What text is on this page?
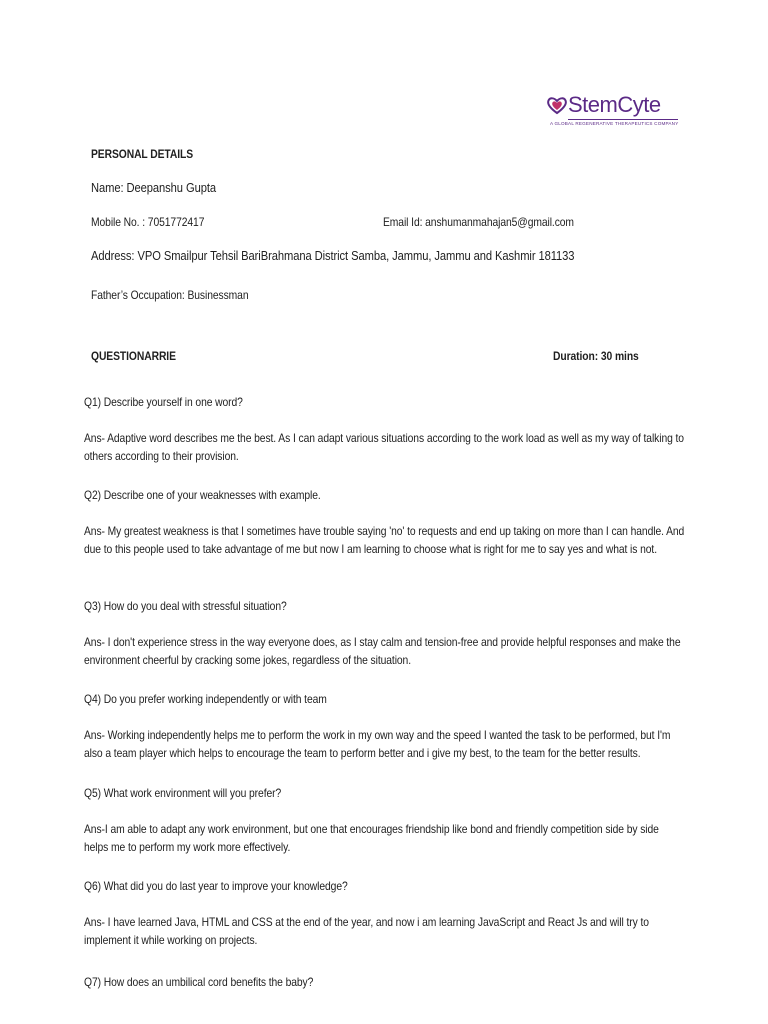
StemCyte
A GLOBAL REGENERATIVE THERAPEUTICS COMPANY
PERSONAL DETAILS
Name: Deepanshu Gupta
Mobile No. : 7051772417	Email Id: anshumanmahajan5@gmail.com
Address: VPO Smailpur Tehsil BariBrahmana District Samba, Jammu, Jammu and Kashmir 181133
Father’s Occupation: Businessman
QUESTIONARRIE	Duration: 30 mins
Q1) Describe yourself in one word?
Ans- Adaptive word describes me the best. As I can adapt various situations according to the work load as well as my way of talking to others according to their provision.
Q2) Describe one of your weaknesses with example.
Ans- My greatest weakness is that I sometimes have trouble saying 'no' to requests and end up taking on more than I can handle. And due to this people used to take advantage of me but now I am learning to choose what is right for me to say yes and what is not.
Q3) How do you deal with stressful situation?
Ans- I don't experience stress in the way everyone does, as I stay calm and tension-free and provide helpful responses and make the environment cheerful by cracking some jokes, regardless of the situation.
Q4) Do you prefer working independently or with team
Ans- Working independently helps me to perform the work in my own way and the speed I wanted the task to be performed, but I'm also a team player which helps to encourage the team to perform better and i give my best, to the team for the better results.
Q5) What work environment will you prefer?
Ans-I am able to adapt any work environment, but one that encourages friendship like bond and friendly competition side by side helps me to perform my work more effectively.
Q6) What did you do last year to improve your knowledge?
Ans- I have learned Java, HTML and CSS at the end of the year, and now i am learning JavaScript and React Js and will try to implement it while working on projects.
Q7) How does an umbilical cord benefits the baby?
